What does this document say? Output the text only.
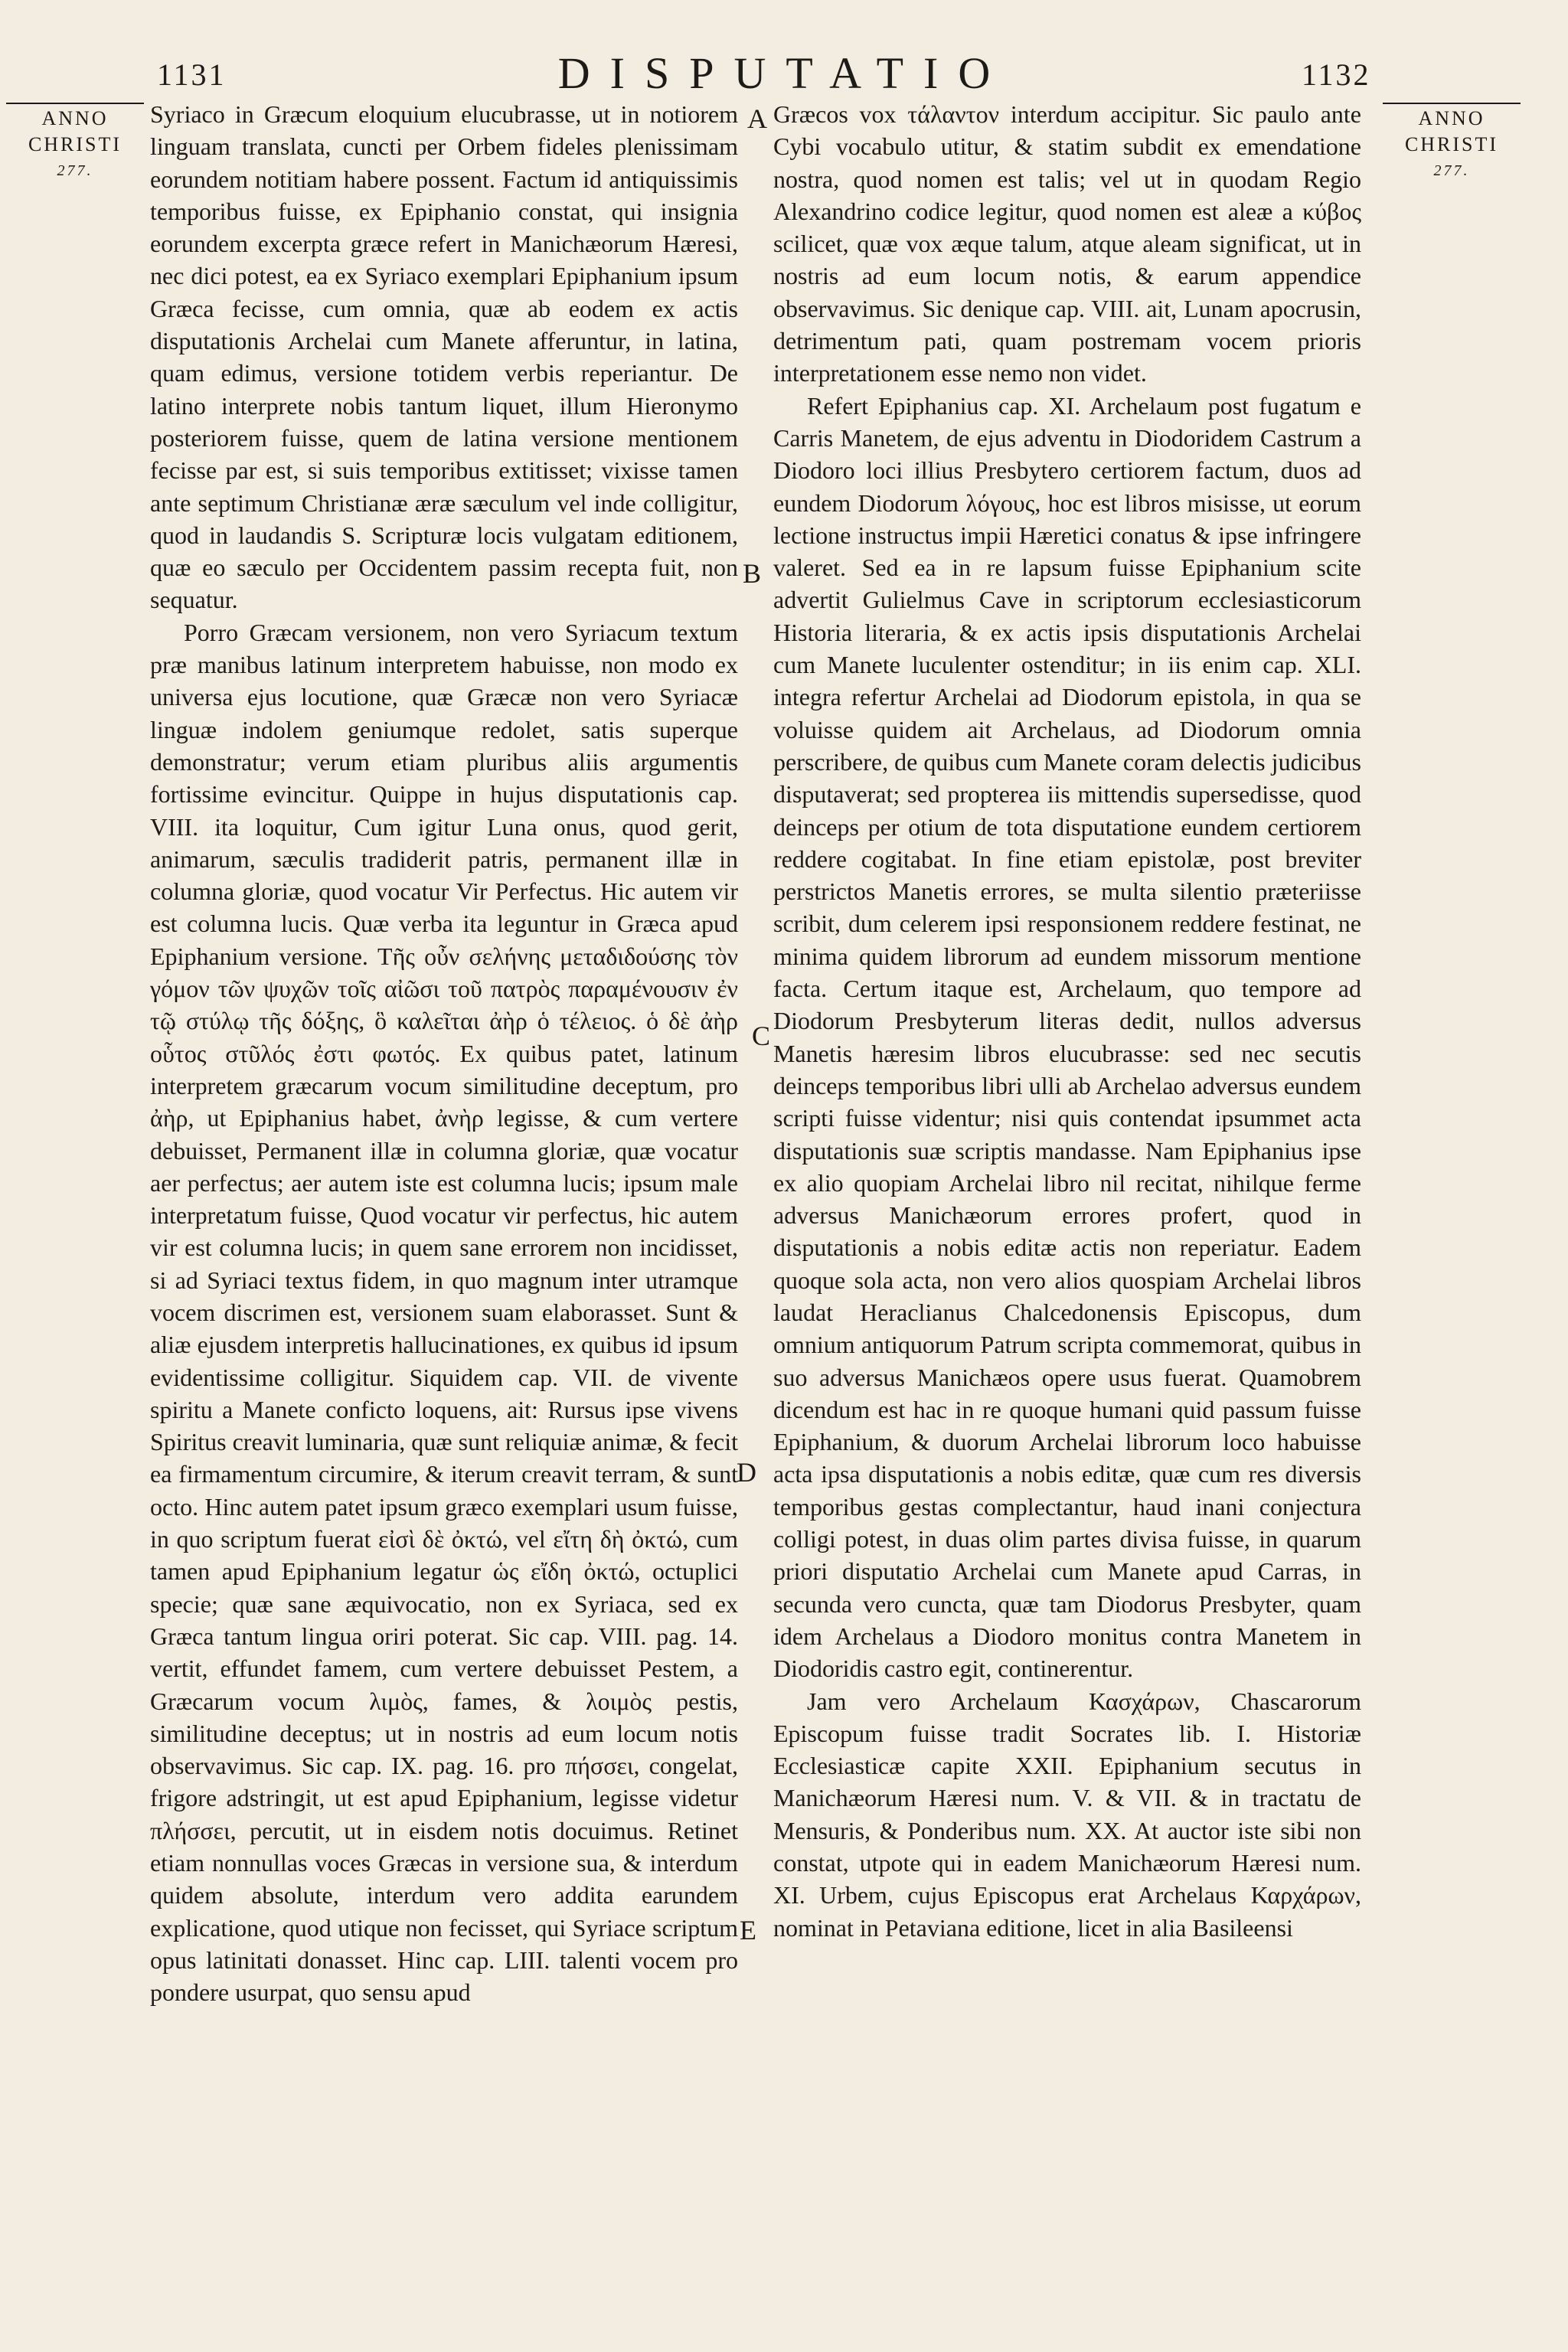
1131	DISPUTATIO	1132
ANNO
CHRISTI
277.
ANNO
CHRISTI
277.

Syriaco in Græcum eloquium elucubrasse, ut in notiorem linguam translata, cuncti per Orbem fideles plenissimam eorundem notitiam habere possent. Factum id antiquissimis temporibus fuisse, ex Epiphanio constat, qui insignia eorundem excerpta græce refert in Manichæorum Hæresi, nec dici potest, ea ex Syriaco exemplari Epiphanium ipsum Græca fecisse, cum omnia, quæ ab eodem ex actis disputationis Archelai cum Manete afferuntur, in latina, quam edimus, versione totidem verbis reperiantur. De latino interprete nobis tantum liquet, illum Hieronymo posteriorem fuisse, quem de latina versione mentionem fecisse par est, si suis temporibus extitisset; vixisse tamen ante septimum Christianæ æræ sæculum vel inde colligitur, quod in laudandis S. Scripturæ locis vulgatam editionem, quæ eo sæculo per Occidentem passim recepta fuit, non sequatur.

Porro Græcam versionem, non vero Syriacum textum præ manibus latinum interpretem habuisse, non modo ex universa ejus locutione, quæ Græcæ non vero Syriacæ linguæ indolem geniumque redolet, satis superque demonstratur; verum etiam pluribus aliis argumentis fortissime evincitur. Quippe in hujus disputationis cap. VIII. ita loquitur, Cum igitur Luna onus, quod gerit, animarum, sæculis tradiderit patris, permanent illæ in columna gloriæ, quod vocatur Vir Perfectus. Hic autem vir est columna lucis. Quæ verba ita leguntur in Græca apud Epiphanium versione. Τῆς οὖν σελήνης μεταδιδούσης τὸν γόμον τῶν ψυχῶν τοῖς αἰῶσι τοῦ πατρὸς παραμένουσιν ἐν τῷ στύλῳ τῆς δόξης, ὃ καλεῖται ἀὴρ ὁ τέλειος. ὁ δὲ ἀὴρ οὗτος στῦλός ἐστι φωτός. Ex quibus patet, latinum interpretem græcarum vocum similitudine deceptum, pro ἀὴρ, ut Epiphanius habet, ἀνὴρ legisse, & cum vertere debuisset, Permanent illæ in columna gloriæ, quæ vocatur aer perfectus; aer autem iste est columna lucis; ipsum male interpretatum fuisse, Quod vocatur vir perfectus, hic autem vir est columna lucis; in quem sane errorem non incidisset, si ad Syriaci textus fidem, in quo magnum inter utramque vocem discrimen est, versionem suam elaborasset. Sunt & aliæ ejusdem interpretis hallucinationes, ex quibus id ipsum evidentissime colligitur. Siquidem cap. VII. de vivente spiritu a Manete conficto loquens, ait: Rursus ipse vivens Spiritus creavit luminaria, quæ sunt reliquiæ animæ, & fecit ea firmamentum circumire, & iterum creavit terram, & sunt octo. Hinc autem patet ipsum græco exemplari usum fuisse, in quo scriptum fuerat εἰσὶ δὲ ὀκτώ, vel εἴτη δὴ ὀκτώ, cum tamen apud Epiphanium legatur ὡς εἴδη ὀκτώ, octuplici specie; quæ sane æquivocatio, non ex Syriaca, sed ex Græca tantum lingua oriri poterat. Sic cap. VIII. pag. 14. vertit, effundet famem, cum vertere debuisset Pestem, a Græcarum vocum λιμὸς, fames, & λοιμὸς pestis, similitudine deceptus; ut in nostris ad eum locum notis observavimus. Sic cap. IX. pag. 16. pro πήσσει, congelat, frigore adstringit, ut est apud Epiphanium, legisse videtur πλήσσει, percutit, ut in eisdem notis docuimus. Retinet etiam nonnullas voces Græcas in versione sua, & interdum quidem absolute, interdum vero addita earundem explicatione, quod utique non fecisset, qui Syriace scriptum opus latinitati donasset. Hinc cap. LIII. talenti vocem pro pondere usurpat, quo sensu apud

Græcos vox τάλαντον interdum accipitur. Sic paulo ante Cybi vocabulo utitur, & statim subdit ex emendatione nostra, quod nomen est talis; vel ut in quodam Regio Alexandrino codice legitur, quod nomen est aleæ a κύβος scilicet, quæ vox æque talum, atque aleam significat, ut in nostris ad eum locum notis, & earum appendice observavimus. Sic denique cap. VIII. ait, Lunam apocrusin, detrimentum pati, quam postremam vocem prioris interpretationem esse nemo non videt.

Refert Epiphanius cap. XI. Archelaum post fugatum e Carris Manetem, de ejus adventu in Diodoridem Castrum a Diodoro loci illius Presbytero certiorem factum, duos ad eundem Diodorum λόγους, hoc est libros misisse, ut eorum lectione instructus impii Hæretici conatus & ipse infringere valeret. Sed ea in re lapsum fuisse Epiphanium scite advertit Gulielmus Cave in scriptorum ecclesiasticorum Historia literaria, & ex actis ipsis disputationis Archelai cum Manete luculenter ostenditur; in iis enim cap. XLI. integra refertur Archelai ad Diodorum epistola, in qua se voluisse quidem ait Archelaus, ad Diodorum omnia perscribere, de quibus cum Manete coram delectis judicibus disputaverat; sed propterea iis mittendis supersedisse, quod deinceps per otium de tota disputatione eundem certiorem reddere cogitabat. In fine etiam epistolæ, post breviter perstrictos Manetis errores, se multa silentio præteriisse scribit, dum celerem ipsi responsionem reddere festinat, ne minima quidem librorum ad eundem missorum mentione facta. Certum itaque est, Archelaum, quo tempore ad Diodorum Presbyterum literas dedit, nullos adversus Manetis hæresim libros elucubrasse: sed nec secutis deinceps temporibus libri ulli ab Archelao adversus eundem scripti fuisse videntur; nisi quis contendat ipsummet acta disputationis suæ scriptis mandasse. Nam Epiphanius ipse ex alio quopiam Archelai libro nil recitat, nihilque ferme adversus Manichæorum errores profert, quod in disputationis a nobis editæ actis non reperiatur. Eadem quoque sola acta, non vero alios quospiam Archelai libros laudat Heraclianus Chalcedonensis Episcopus, dum omnium antiquorum Patrum scripta commemorat, quibus in suo adversus Manichæos opere usus fuerat. Quamobrem dicendum est hac in re quoque humani quid passum fuisse Epiphanium, & duorum Archelai librorum loco habuisse acta ipsa disputationis a nobis editæ, quæ cum res diversis temporibus gestas complectantur, haud inani conjectura colligi potest, in duas olim partes divisa fuisse, in quarum priori disputatio Archelai cum Manete apud Carras, in secunda vero cuncta, quæ tam Diodorus Presbyter, quam idem Archelaus a Diodoro monitus contra Manetem in Diodoridis castro egit, continerentur.

Jam vero Archelaum Κασχάρων, Chascarorum Episcopum fuisse tradit Socrates lib. I. Historiæ Ecclesiasticæ capite XXII. Epiphanium secutus in Manichæorum Hæresi num. V. & VII. & in tractatu de Mensuris, & Ponderibus num. XX. At auctor iste sibi non constat, utpote qui in eadem Manichæorum Hæresi num. XI. Urbem, cujus Episcopus erat Archelaus Καρχάρων, nominat in Petaviana editione, licet in alia Basileensi

A
B
C
D
E
